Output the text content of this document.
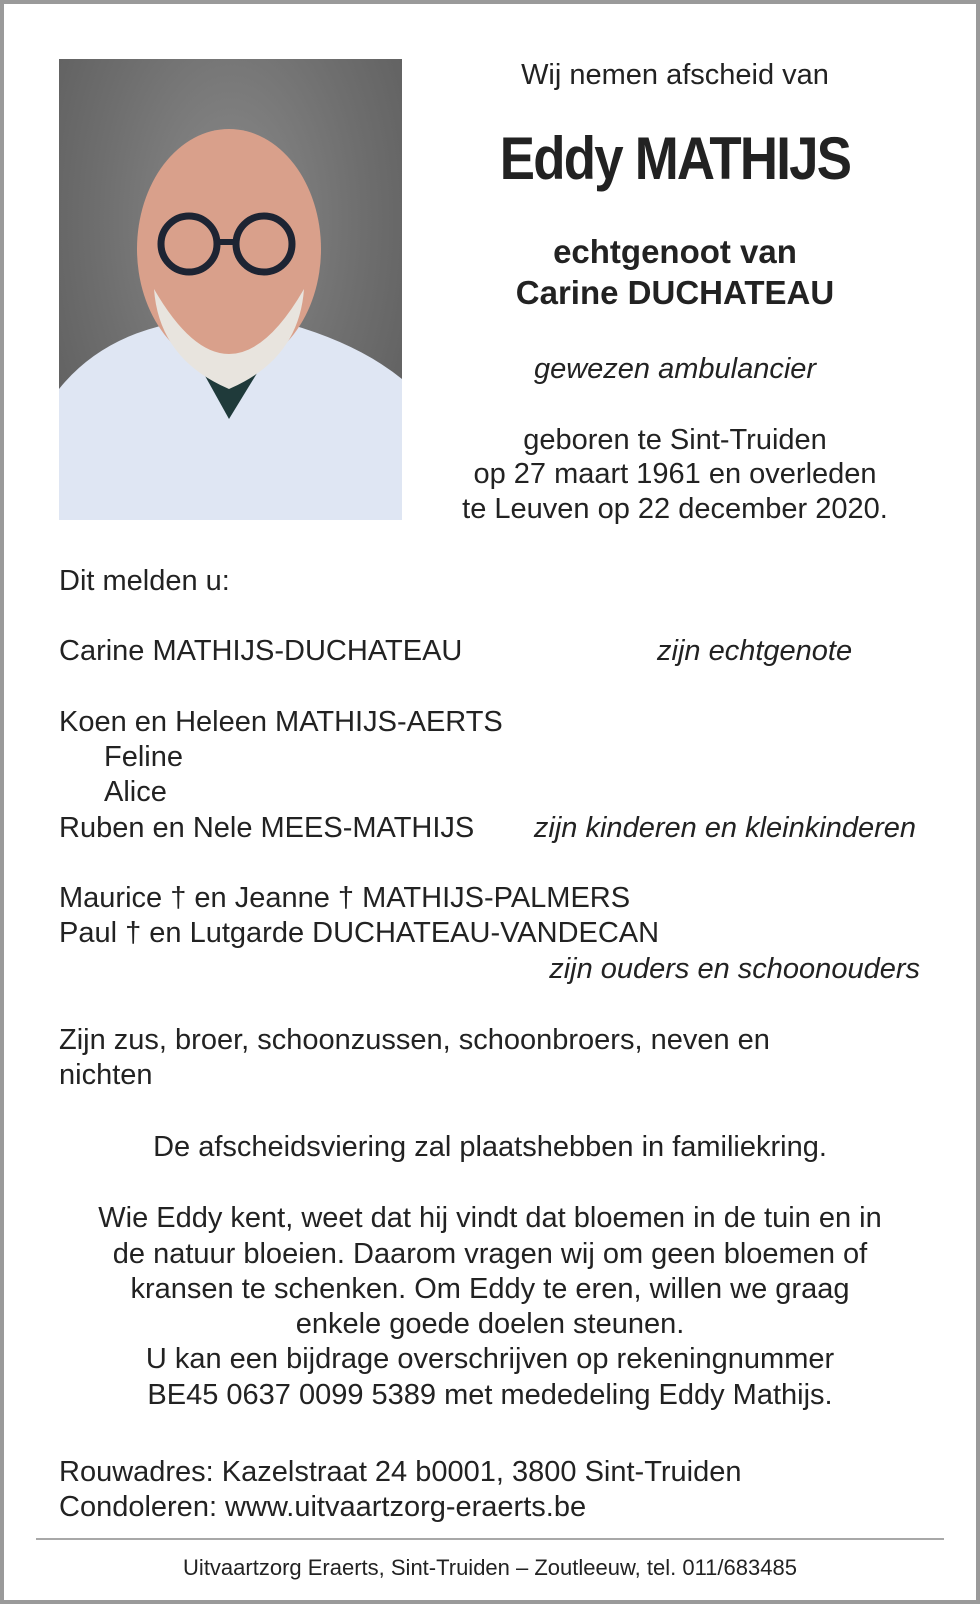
Wij nemen afscheid van
Eddy MATHIJS
echtgenoot van
Carine DUCHATEAU
gewezen ambulancier
geboren te Sint-Truiden
op 27 maart 1961 en overleden
te Leuven op 22 december 2020.
Dit melden u:
Carine MATHIJS-DUCHATEAU	zijn echtgenote
Koen en Heleen MATHIJS-AERTS
Feline
Alice
Ruben en Nele MEES-MATHIJS zijn kinderen en kleinkinderen
Maurice † en Jeanne † MATHIJS-PALMERS
Paul † en Lutgarde DUCHATEAU-VANDECAN
zijn ouders en schoonouders
Zijn zus, broer, schoonzussen, schoonbroers, neven en
nichten
De afscheidsviering zal plaatshebben in familiekring.
Wie Eddy kent, weet dat hij vindt dat bloemen in de tuin en in
de natuur bloeien. Daarom vragen wij om geen bloemen of
kransen te schenken. Om Eddy te eren, willen we graag
enkele goede doelen steunen.
U kan een bijdrage overschrijven op rekeningnummer
BE45 0637 0099 5389 met mededeling Eddy Mathijs.
Rouwadres: Kazelstraat 24 b0001, 3800 Sint-Truiden
Condoleren: www.uitvaartzorg-eraerts.be
Uitvaartzorg Eraerts, Sint-Truiden – Zoutleeuw, tel. 011/683485
